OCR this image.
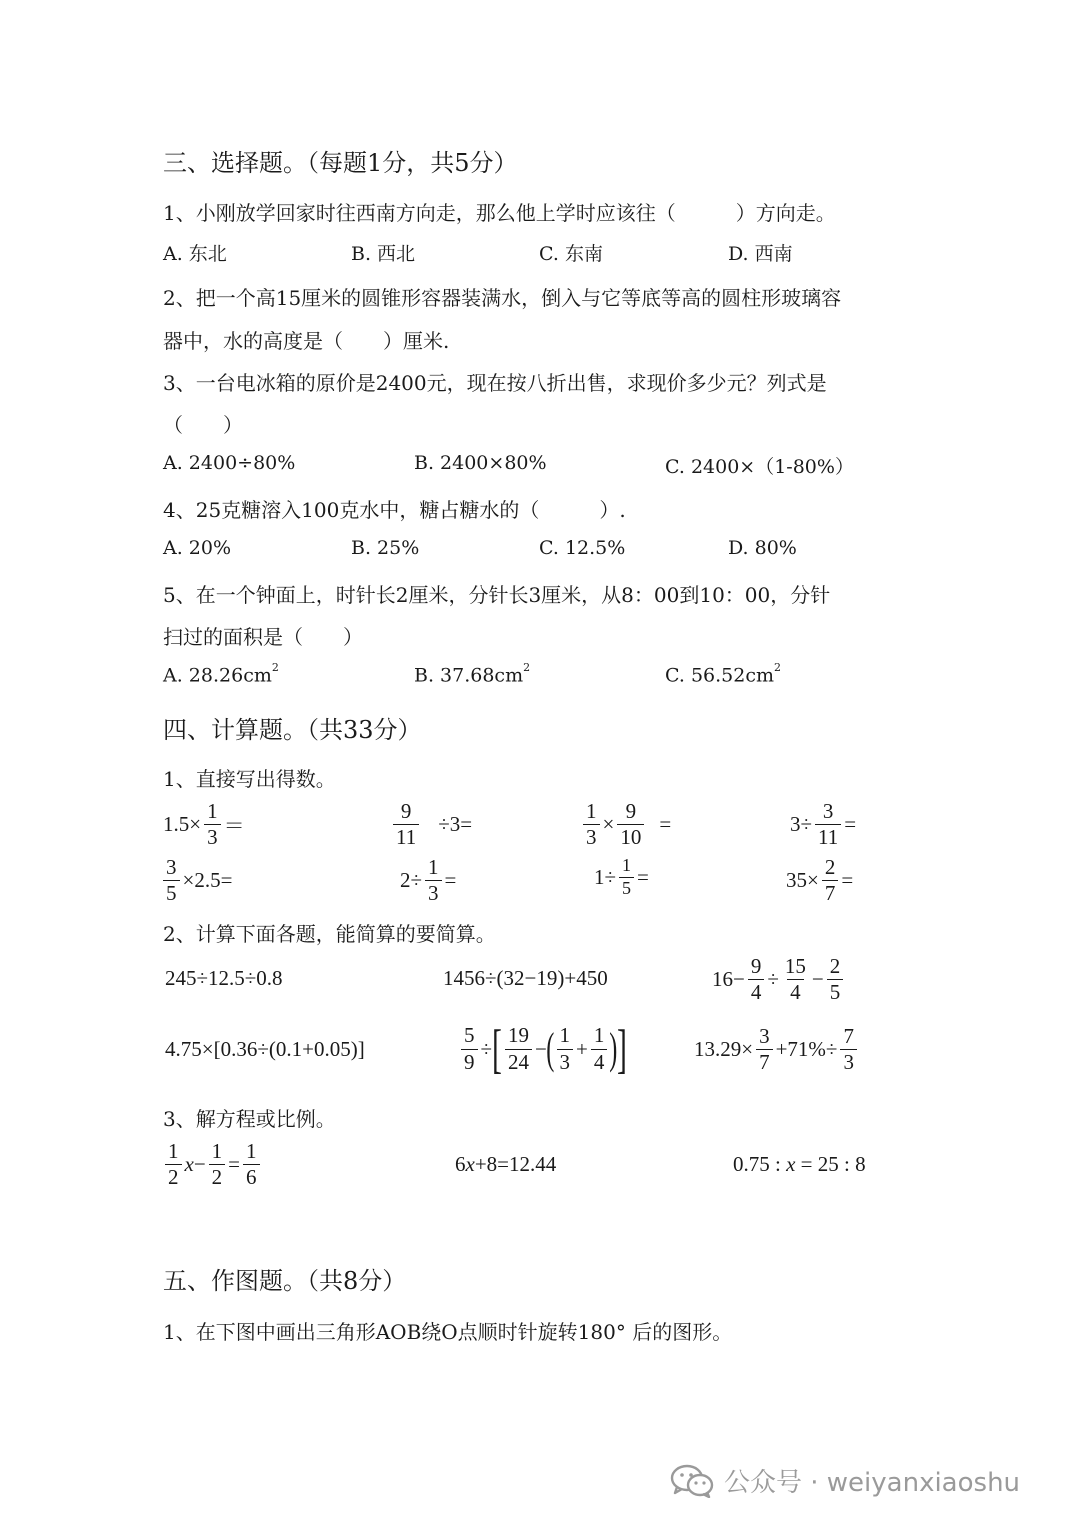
三、选择题。（每题1分，共5分）
1、小刚放学回家时往西南方向走，那么他上学时应该往（　　　）方向走。
A. 东北	B. 西北	C. 东南	D. 西南
2、把一个高15厘米的圆锥形容器装满水，倒入与它等底等高的圆柱形玻璃容
器中，水的高度是（　　）厘米.
3、一台电冰箱的原价是2400元，现在按八折出售，求现价多少元？列式是
（　　）
A. 2400÷80%	B. 2400×80%	C. 2400×（1-80%）
4、25克糖溶入100克水中，糖占糖水的（　　　）.
A. 20%	B. 25%	C. 12.5%	D. 80%
5、在一个钟面上，时针长2厘米，分针长3厘米，从8：00到10：00，分针
扫过的面积是（　　）
A. $28.26cm^2$	B. $37.68cm^2$	C. $56.52cm^2$
四、计算题。（共33分）
1、直接写出得数。
$1.5\times \frac{1}{3}$ ＝	$\frac{9}{11} \div 3=$	$\frac{1}{3} \times \frac{9}{10}$ =	$3\div \frac{3}{11}$ =
$\frac{3}{5} \times 2.5=$	$2\div \frac{1}{3}$ =	$1\div \frac{1}{5}$ =	$35\times \frac{2}{7}$ =
2、计算下面各题，能简算的要简算。
245÷12.5÷0.8	1456÷(32−19)+450	$16- \frac{9}{4} \div \frac{15}{4} - \frac{2}{5}$
4.75×[0.36÷(0.1+0.05)]	$\frac{5}{9}$ ÷ [ $\frac{19}{24}$ − ( $\frac{1}{3} + \frac{1}{4}$ ) ]	$13.29\times \frac{3}{7} +71\%\div \frac{7}{3}$
3、解方程或比例。
$\frac{1}{2}$ $x - \frac{1}{2} = \frac{1}{6}$	6 x +8=12.44	0.75 : x = 25 : 8
五、作图题。（共8分）
1、在下图中画出三角形AOB绕O点顺时针旋转180° 后的图形。
公众号 · weiyanxiaoshu
